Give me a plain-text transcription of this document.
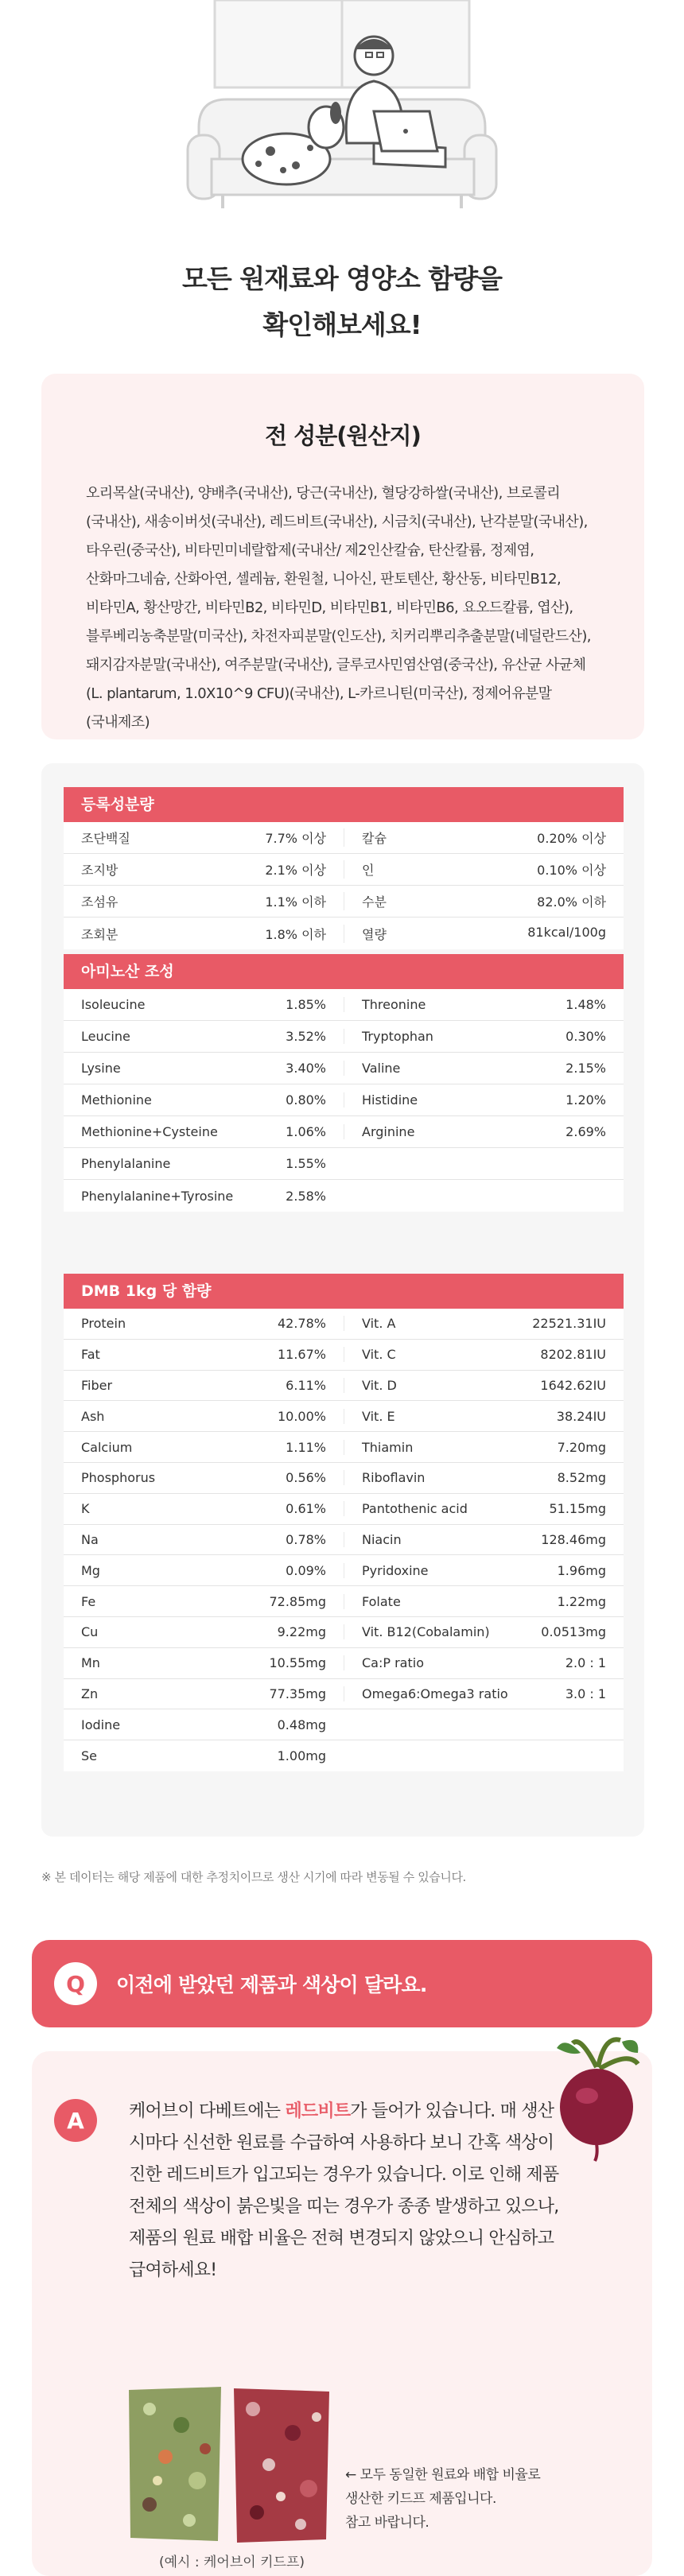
모든 원재료와 영양소 함량을
확인해보세요!
전 성분(원산지)
오리목살(국내산), 양배추(국내산), 당근(국내산), 혈당강하쌀(국내산), 브로콜리(국내산), 새송이버섯(국내산), 레드비트(국내산), 시금치(국내산), 난각분말(국내산), 타우린(중국산), 비타민미네랄합제(국내산/ 제2인산칼슘, 탄산칼륨, 정제염, 산화마그네슘, 산화아연, 셀레늄, 환원철, 니아신, 판토텐산, 황산동, 비타민B12, 비타민A, 황산망간, 비타민B2, 비타민D, 비타민B1, 비타민B6, 요오드칼륨, 엽산), 블루베리농축분말(미국산), 차전자피분말(인도산), 치커리뿌리추출분말(네덜란드산), 돼지감자분말(국내산), 여주분말(국내산), 글루코사민염산염(중국산), 유산균 사균체(L. plantarum, 1.0X10^9 CFU)(국내산), L-카르니틴(미국산), 정제어유분말(국내제조)
등록성분량
조단백질	7.7% 이상	칼슘	0.20% 이상
조지방	2.1% 이상	인	0.10% 이상
조섬유	1.1% 이하	수분	82.0% 이하
조회분	1.8% 이하	열량	81kcal/100g
아미노산 조성
Isoleucine	1.85%	Threonine	1.48%
Leucine	3.52%	Tryptophan	0.30%
Lysine	3.40%	Valine	2.15%
Methionine	0.80%	Histidine	1.20%
Methionine+Cysteine	1.06%	Arginine	2.69%
Phenylalanine	1.55%
Phenylalanine+Tyrosine	2.58%
DMB 1kg 당 함량
Protein	42.78%	Vit. A	22521.31IU
Fat	11.67%	Vit. C	8202.81IU
Fiber	6.11%	Vit. D	1642.62IU
Ash	10.00%	Vit. E	38.24IU
Calcium	1.11%	Thiamin	7.20mg
Phosphorus	0.56%	Riboflavin	8.52mg
K	0.61%	Pantothenic acid	51.15mg
Na	0.78%	Niacin	128.46mg
Mg	0.09%	Pyridoxine	1.96mg
Fe	72.85mg	Folate	1.22mg
Cu	9.22mg	Vit. B12(Cobalamin)	0.0513mg
Mn	10.55mg	Ca:P ratio	2.0 : 1
Zn	77.35mg	Omega6:Omega3 ratio	3.0 : 1
Iodine	0.48mg
Se	1.00mg
※ 본 데이터는 해당 제품에 대한 추정치이므로 생산 시기에 따라 변동될 수 있습니다.
Q	이전에 받았던 제품과 색상이 달라요.
A	케어브이 다베트에는 레드비트가 들어가 있습니다. 매 생산 시마다 신선한 원료를 수급하여 사용하다 보니 간혹 색상이 진한 레드비트가 입고되는 경우가 있습니다. 이로 인해 제품 전체의 색상이 붉은빛을 띠는 경우가 종종 발생하고 있으나, 제품의 원료 배합 비율은 전혀 변경되지 않았으니 안심하고 급여하세요!
← 모두 동일한 원료와 배합 비율로
생산한 키드프 제품입니다.
참고 바랍니다.
(예시 : 케어브이 키드프)
